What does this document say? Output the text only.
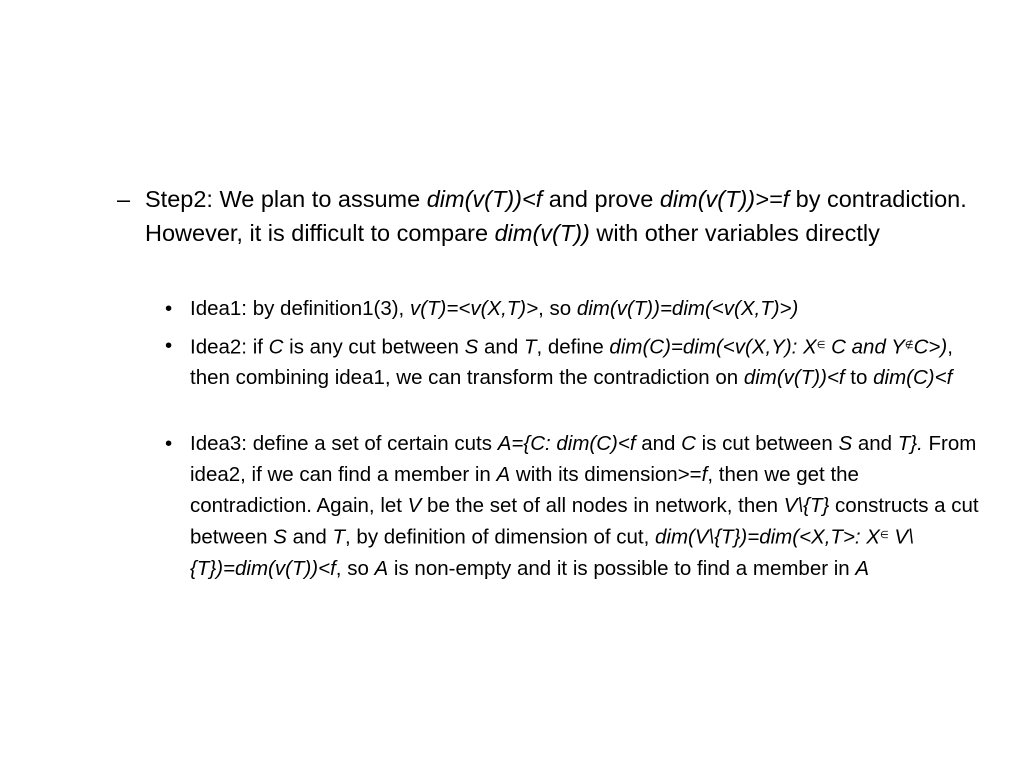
– Step2: We plan to assume dim(v(T))<f and prove dim(v(T))>=f by contradiction. However, it is difficult to compare dim(v(T)) with other variables directly
• Idea1: by definition1(3), v(T)=<v(X,T)>, so dim(v(T))=dim(<v(X,T)>)
• Idea2: if C is any cut between S and T, define dim(C)=dim(<v(X,Y): X∈ C and Y∉C>), then combining idea1, we can transform the contradiction on dim(v(T))<f to dim(C)<f
• Idea3: define a set of certain cuts A={C: dim(C)<f and C is cut between S and T}. From idea2, if we can find a member in A with its dimension>=f, then we get the contradiction. Again, let V be the set of all nodes in network, then V\{T} constructs a cut between S and T, by definition of dimension of cut, dim(V\{T})=dim(<X,T>: X∈ V\{T})=dim(v(T))<f, so A is non-empty and it is possible to find a member in A
